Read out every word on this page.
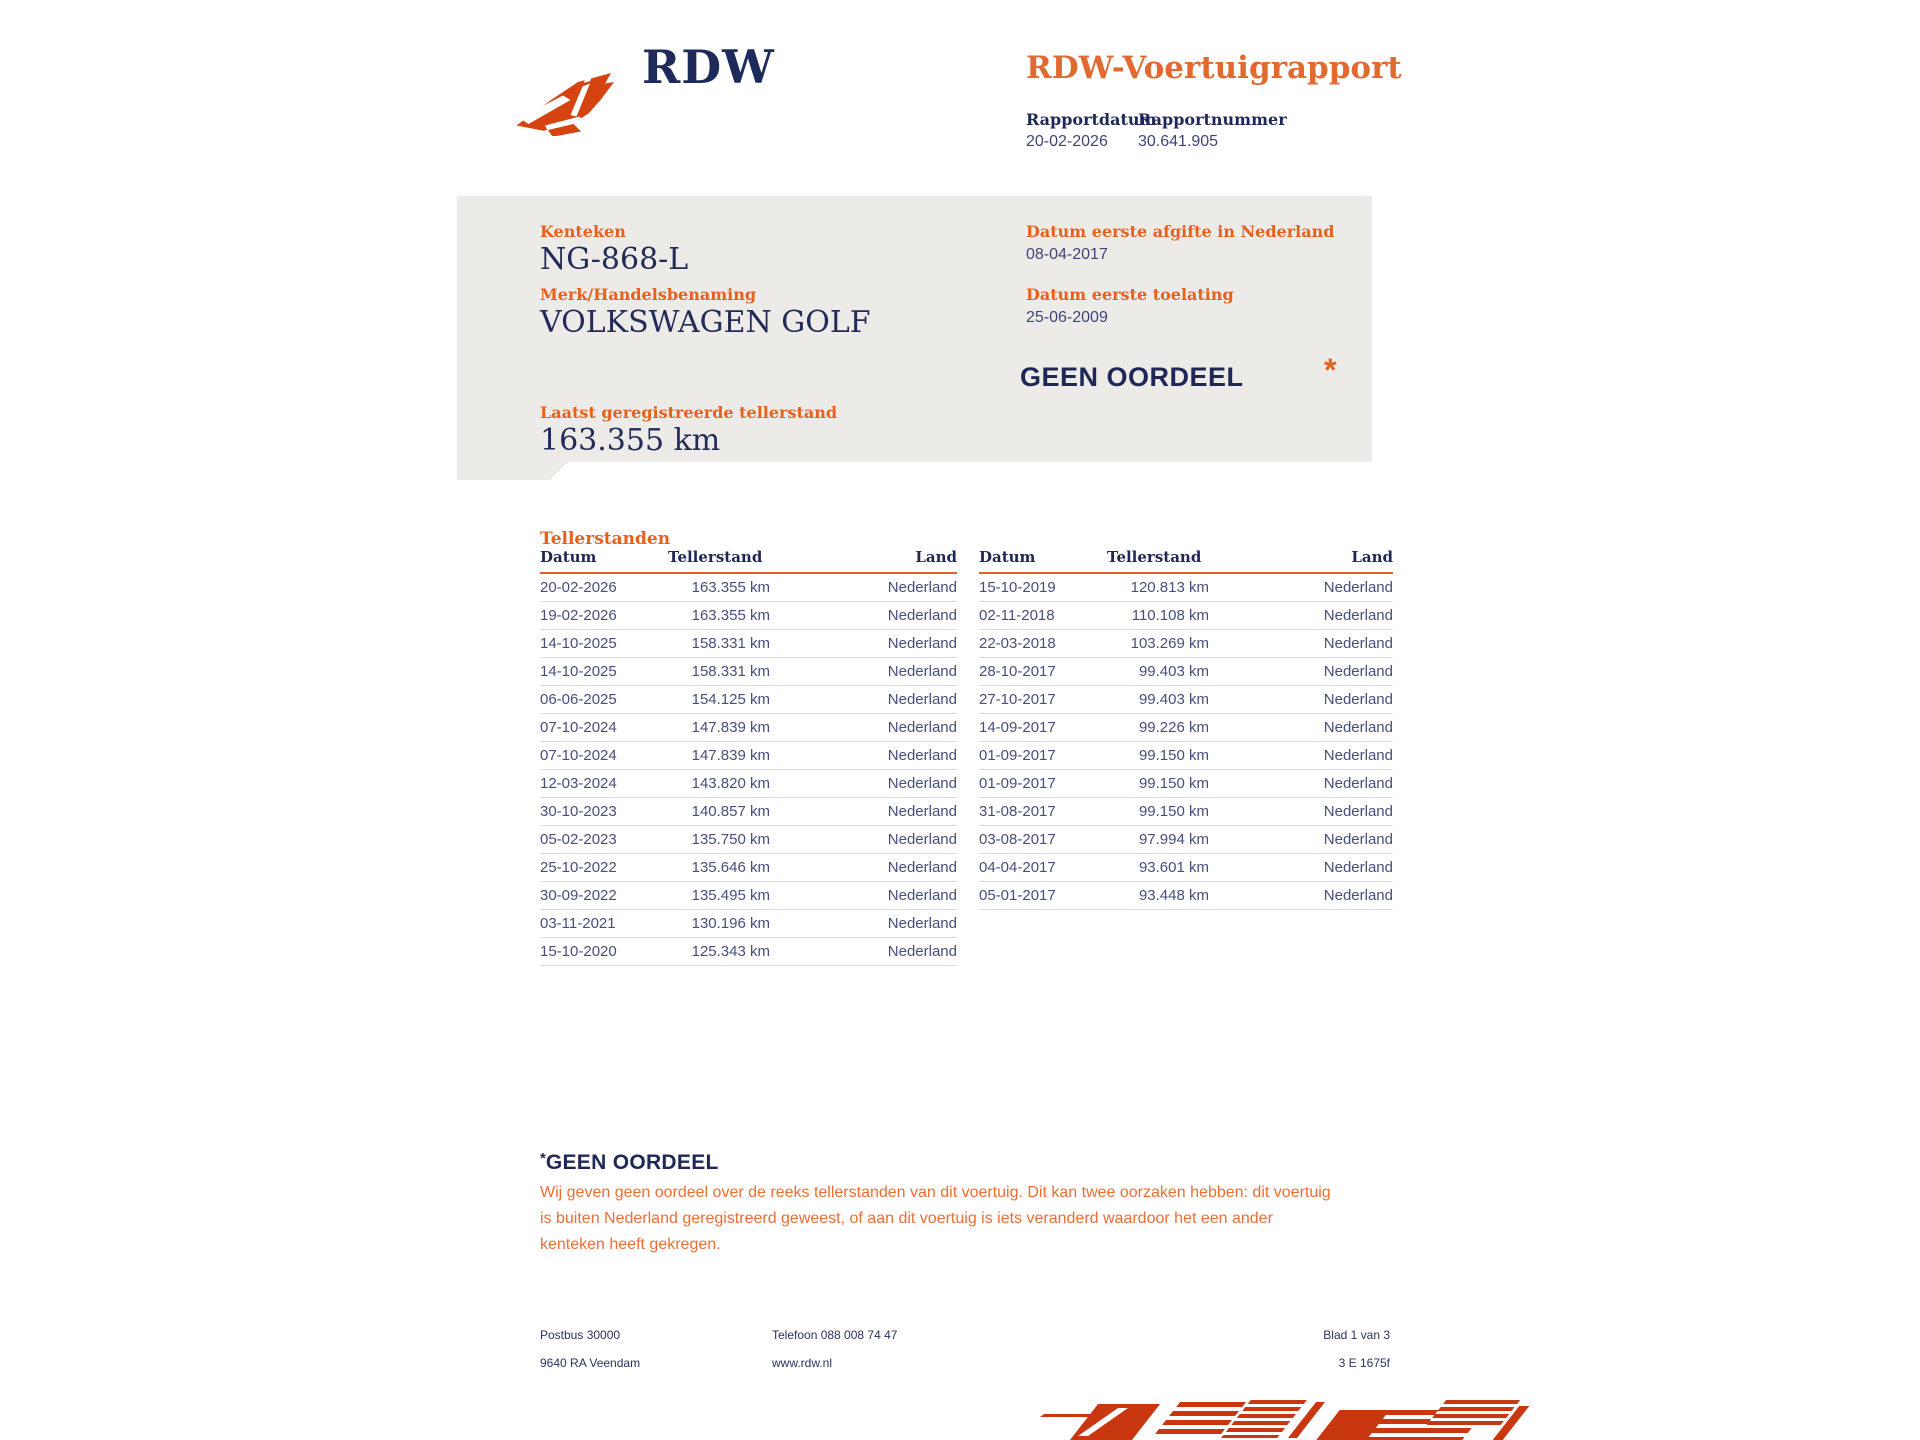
RDW	RDW-Voertuigrapport
Rapportdatum
20-02-2026
Rapportnummer
30.641.905
Kenteken
NG-868-L
Merk/Handelsbenaming
VOLKSWAGEN GOLF
Laatst geregistreerde tellerstand
163.355 km
Datum eerste afgifte in Nederland
08-04-2017
Datum eerste toelating
25-06-2009
GEEN OORDEEL	*
Tellerstanden
Datum	Tellerstand	Land
20-02-2026	163.355 km	Nederland
19-02-2026	163.355 km	Nederland
14-10-2025	158.331 km	Nederland
14-10-2025	158.331 km	Nederland
06-06-2025	154.125 km	Nederland
07-10-2024	147.839 km	Nederland
07-10-2024	147.839 km	Nederland
12-03-2024	143.820 km	Nederland
30-10-2023	140.857 km	Nederland
05-02-2023	135.750 km	Nederland
25-10-2022	135.646 km	Nederland
30-09-2022	135.495 km	Nederland
03-11-2021	130.196 km	Nederland
15-10-2020	125.343 km	Nederland
Datum	Tellerstand	Land
15-10-2019	120.813 km	Nederland
02-11-2018	110.108 km	Nederland
22-03-2018	103.269 km	Nederland
28-10-2017	99.403 km	Nederland
27-10-2017	99.403 km	Nederland
14-09-2017	99.226 km	Nederland
01-09-2017	99.150 km	Nederland
01-09-2017	99.150 km	Nederland
31-08-2017	99.150 km	Nederland
03-08-2017	97.994 km	Nederland
04-04-2017	93.601 km	Nederland
05-01-2017	93.448 km	Nederland
*GEEN OORDEEL
Wij geven geen oordeel over de reeks tellerstanden van dit voertuig. Dit kan twee oorzaken hebben: dit voertuig is buiten Nederland geregistreerd geweest, of aan dit voertuig is iets veranderd waardoor het een ander kenteken heeft gekregen.
Postbus 30000	Telefoon 088 008 74 47	Blad 1 van 3
9640 RA Veendam	www.rdw.nl	3 E 1675f
